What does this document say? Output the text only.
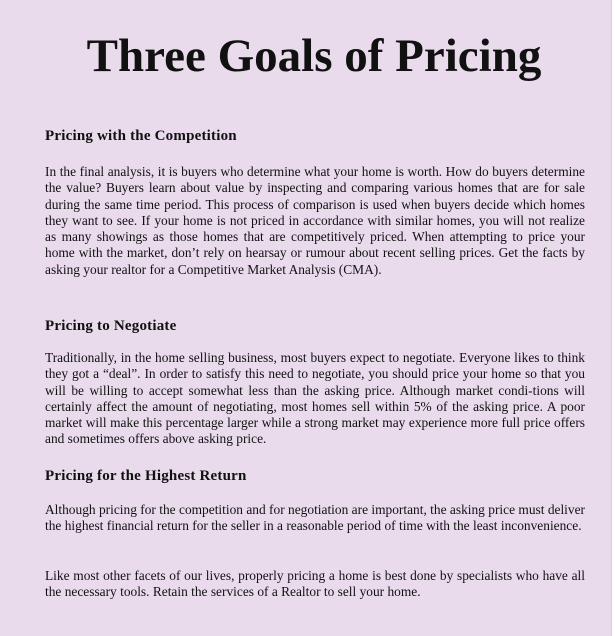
Three Goals of Pricing
Pricing with the Competition

In the final analysis, it is buyers who determine what your home is worth. How do buyers determine the value? Buyers learn about value by inspecting and comparing various homes that are for sale during the same time period. This process of comparison is used when buyers decide which homes they want to see. If your home is not priced in accordance with similar homes, you will not realize as many showings as those homes that are competitively priced. When attempting to price your home with the market, don’t rely on hearsay or rumour about recent selling prices. Get the facts by asking your realtor for a Competitive Market Analysis (CMA).

Pricing to Negotiate

Traditionally, in the home selling business, most buyers expect to negotiate. Everyone likes to think they got a “deal”. In order to satisfy this need to negotiate, you should price your home so that you will be willing to accept somewhat less than the asking price. Although market condi-tions will certainly affect the amount of negotiating, most homes sell within 5% of the asking price. A poor market will make this percentage larger while a strong market may experience more full price offers and sometimes offers above asking price.

Pricing for the Highest Return

Although pricing for the competition and for negotiation are important, the asking price must deliver the highest financial return for the seller in a reasonable period of time with the least inconvenience.

Like most other facets of our lives, properly pricing a home is best done by specialists who have all the necessary tools. Retain the services of a Realtor to sell your home.
